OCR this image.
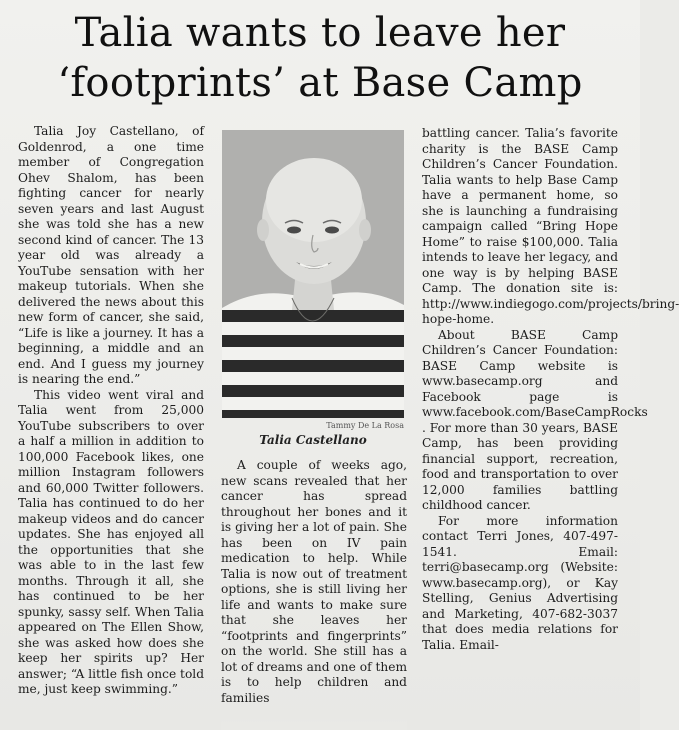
Talia wants to leave her
‘footprints’ at Base Camp

Talia Joy Castellano, of Goldenrod, a one time member of Congregation Ohev Shalom, has been fighting cancer for nearly seven years and last August she was told she has a new second kind of cancer. The 13 year old was already a YouTube sensation with her makeup tutorials. When she delivered the news about this new form of cancer, she said, “Life is like a journey. It has a beginning, a middle and an end. And I guess my journey is nearing the end.”

This video went viral and Talia went from 25,000 YouTube subscribers to over a half a million in addition to 100,000 Facebook likes, one million Instagram followers and 60,000 Twitter followers. Talia has continued to do her makeup videos and do cancer updates. She has enjoyed all the opportunities that she was able to in the last few months. Through it all, she has continued to be her spunky, sassy self. When Talia appeared on The Ellen Show, she was asked how does she keep her spirits up? Her answer; “A little fish once told me, just keep swimming.”

Tammy De La Rosa
Talia Castellano

A couple of weeks ago, new scans revealed that her cancer has spread throughout her bones and it is giving her a lot of pain. She has been on IV pain medication to help. While Talia is now out of treatment options, she is still living her life and wants to make sure that she leaves her “footprints and fingerprints” on the world. She still has a lot of dreams and one of them is to help children and families

battling cancer. Talia’s favorite charity is the BASE Camp Children’s Cancer Foundation. Talia wants to help Base Camp have a permanent home, so she is launching a fundraising campaign called “Bring Hope Home” to raise $100,000. Talia intends to leave her legacy, and one way is by helping BASE Camp. The donation site is: http://www.indiegogo.com/projects/bring-hope-home.

About BASE Camp Children’s Cancer Foundation: BASE Camp website is www.basecamp.org and Facebook page is www.facebook.com/BaseCampRocks . For more than 30 years, BASE Camp, has been providing financial support, recreation, food and transportation to over 12,000 families battling childhood cancer.

For more information contact Terri Jones, 407-497-1541. Email: terri@basecamp.org (Website: www.basecamp.org), or Kay Stelling, Genius Advertising and Marketing, 407-682-3037 that does media relations for Talia. Email-
